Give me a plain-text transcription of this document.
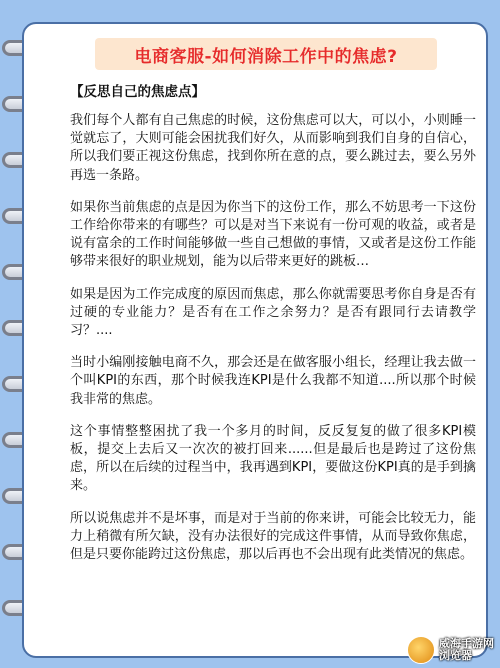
电商客服-如何消除工作中的焦虑?
【反思自己的焦虑点】

我们每个人都有自己焦虑的时候，这份焦虑可以大，可以小，小则睡一觉就忘了，大则可能会困扰我们好久，从而影响到我们自身的自信心，所以我们要正视这份焦虑，找到你所在意的点，要么跳过去，要么另外再选一条路。

如果你当前焦虑的点是因为你当下的这份工作，那么不妨思考一下这份工作给你带来的有哪些？可以是对当下来说有一份可观的收益，或者是说有富余的工作时间能够做一些自己想做的事情，又或者是这份工作能够带来很好的职业规划，能为以后带来更好的跳板…

如果是因为工作完成度的原因而焦虑，那么你就需要思考你自身是否有过硬的专业能力？是否有在工作之余努力？是否有跟同行去请教学习？....

当时小编刚接触电商不久，那会还是在做客服小组长，经理让我去做一个叫KPI的东西，那个时候我连KPI是什么我都不知道....所以那个时候我非常的焦虑。

这个事情整整困扰了我一个多月的时间，反反复复的做了很多KPI模板，提交上去后又一次次的被打回来......但是最后也是跨过了这份焦虑，所以在后续的过程当中，我再遇到KPI，要做这份KPI真的是手到擒来。

所以说焦虑并不是坏事，而是对于当前的你来讲，可能会比较无力，能力上稍微有所欠缺，没有办法很好的完成这件事情，从而导致你焦虑，但是只要你能跨过这份焦虑，那以后再也不会出现有此类情况的焦虑。

威海手游网
浏览器
